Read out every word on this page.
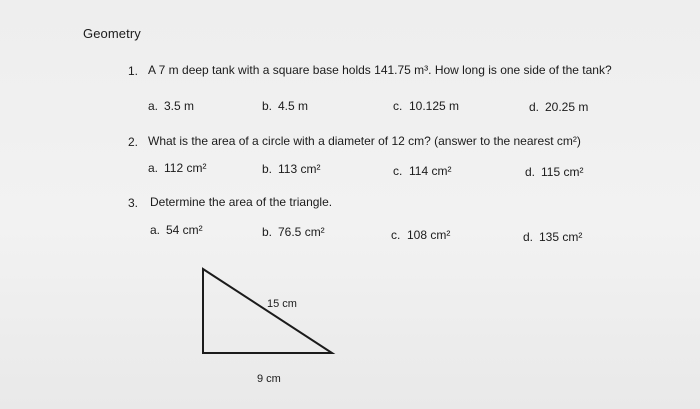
Geometry
1. A 7 m deep tank with a square base holds 141.75 m³. How long is one side of the tank?
a. 3.5 m	b. 4.5 m	c. 10.125 m	d. 20.25 m
2. What is the area of a circle with a diameter of 12 cm? (answer to the nearest cm²)
a. 112 cm²	b. 113 cm²	c. 114 cm²	d. 115 cm²
3. Determine the area of the triangle.
a. 54 cm²	b. 76.5 cm²	c. 108 cm²	d. 135 cm²
15 cm
9 cm
